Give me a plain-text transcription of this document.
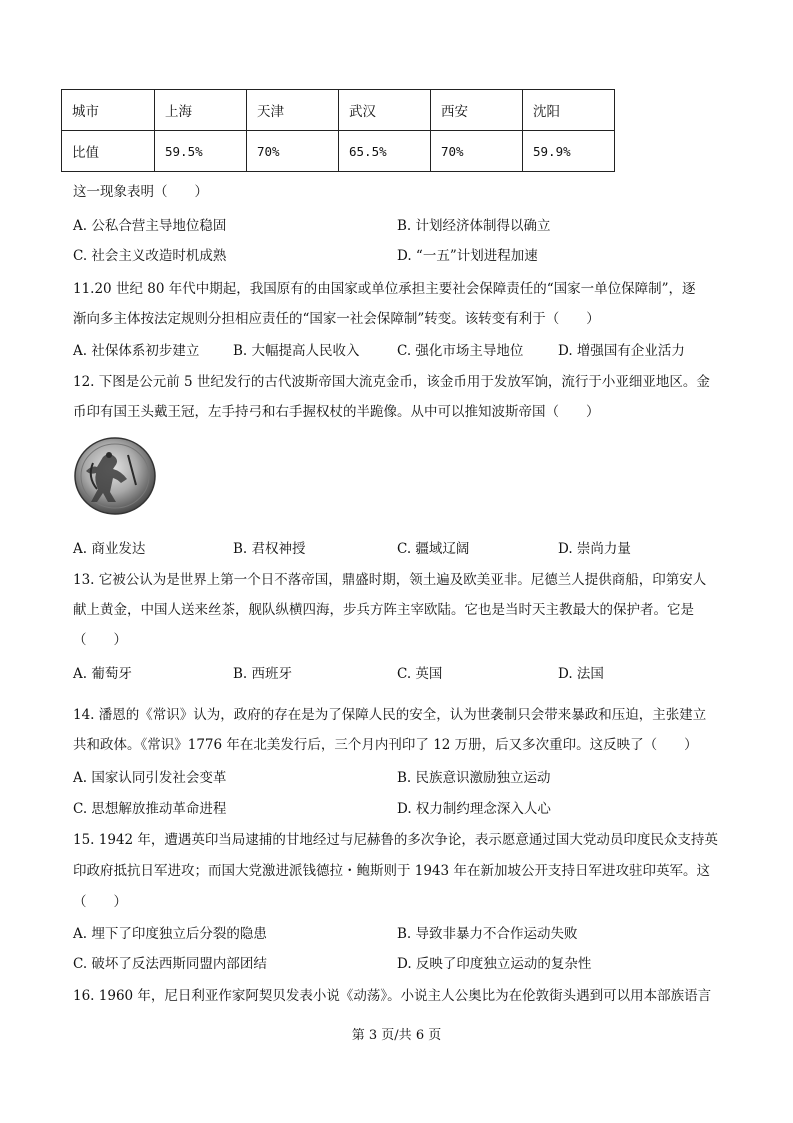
城市	上海	天津	武汉	西安	沈阳
比值	59.5%	70%	65.5%	70%	59.9%
这一现象表明（　　）
A. 公私合营主导地位稳固	B. 计划经济体制得以确立
C. 社会主义改造时机成熟	D. “一五”计划进程加速
11.20 世纪 80 年代中期起，我国原有的由国家或单位承担主要社会保障责任的“国家一单位保障制”，逐
渐向多主体按法定规则分担相应责任的“国家一社会保障制”转变。该转变有利于（　　）
A. 社保体系初步建立 B. 大幅提高人民收入	C. 强化市场主导地位	D. 增强国有企业活力
12. 下图是公元前 5 世纪发行的古代波斯帝国大流克金币，该金币用于发放军饷，流行于小亚细亚地区。金
币印有国王头戴王冠，左手持弓和右手握权杖的半跪像。从中可以推知波斯帝国（　　）
A. 商业发达	B. 君权神授	C. 疆域辽阔	D. 崇尚力量
13. 它被公认为是世界上第一个日不落帝国，鼎盛时期，领土遍及欧美亚非。尼德兰人提供商船，印第安人
献上黄金，中国人送来丝茶，舰队纵横四海，步兵方阵主宰欧陆。它也是当时天主教最大的保护者。它是
（　　）
A. 葡萄牙	B. 西班牙	C. 英国	D. 法国
14. 潘恩的《常识》认为，政府的存在是为了保障人民的安全，认为世袭制只会带来暴政和压迫，主张建立
共和政体。《常识》1776 年在北美发行后，三个月内刊印了 12 万册，后又多次重印。这反映了（　　）
A. 国家认同引发社会变革	B. 民族意识激励独立运动
C. 思想解放推动革命进程	D. 权力制约理念深入人心
15. 1942 年，遭遇英印当局逮捕的甘地经过与尼赫鲁的多次争论，表示愿意通过国大党动员印度民众支持英
印政府抵抗日军进攻；而国大党激进派钱德拉・鲍斯则于 1943 年在新加坡公开支持日军进攻驻印英军。这
（　　）
A. 埋下了印度独立后分裂的隐患	B. 导致非暴力不合作运动失败
C. 破坏了反法西斯同盟内部团结	D. 反映了印度独立运动的复杂性
16. 1960 年，尼日利亚作家阿契贝发表小说《动荡》。小说主人公奥比为在伦敦街头遇到可以用本部族语言
第 3 页/共 6 页
